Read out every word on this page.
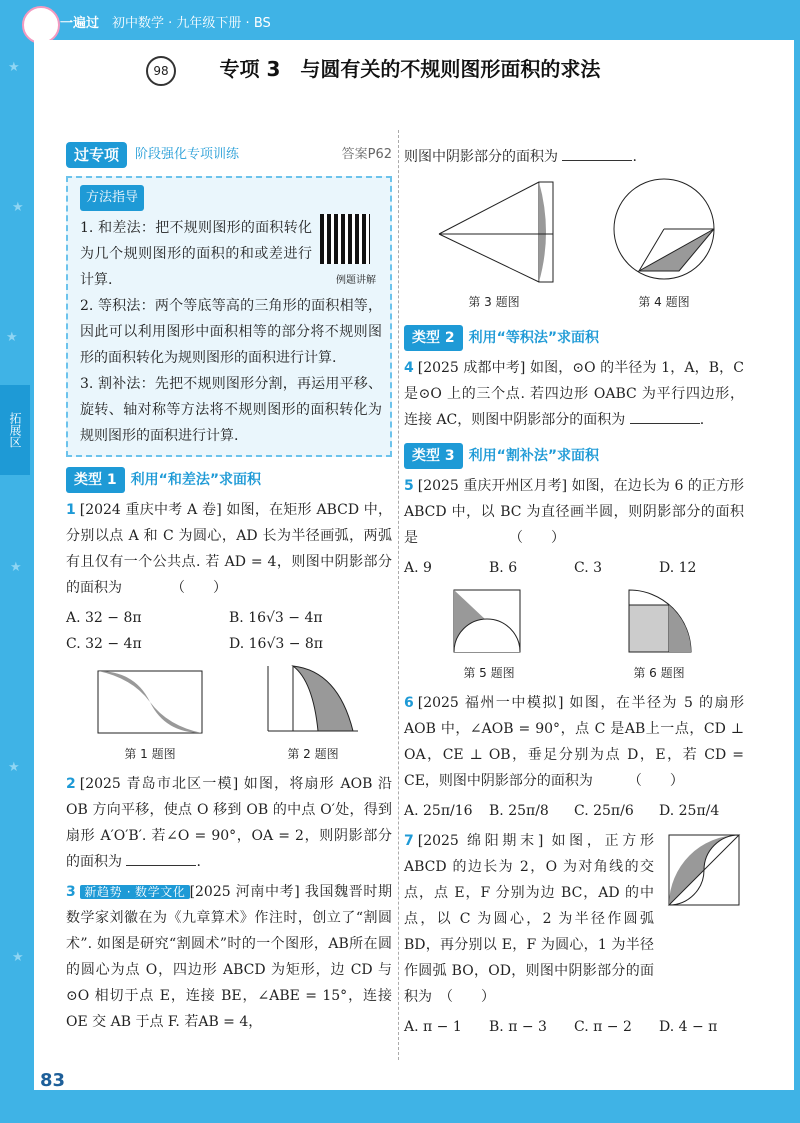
一遍过　 初中数学 · 九年级下册 · BS
★
★
★
★
★
★
拓展区
98	专项 3　与圆有关的不规则图形面积的求法
过专项	阶段强化专项训练	答案P62
方法指导
例题讲解

1. 和差法：把不规则图形的面积转化为几个规则图形的面积的和或差进行计算.

2. 等积法：两个等底等高的三角形的面积相等，因此可以利用图形中面积相等的部分将不规则图形的面积转化为规则图形的面积进行计算.

3. 割补法：先把不规则图形分割，再运用平移、旋转、轴对称等方法将不规则图形的面积转化为规则图形的面积进行计算.

类型 1	利用“和差法”求面积
1 [2024 重庆中考 A 卷] 如图，在矩形 ABCD 中，分别以点 A 和 C 为圆心，AD 长为半径画弧，两弧有且仅有一个公共点. 若 AD = 4，则图中阴影部分的面积为　　　　（　　）
A. 32 − 8π	B. 16√3 − 4π
C. 32 − 4π	D. 16√3 − 8π
第 1 题图	第 2 题图
2 [2025 青岛市北区一模] 如图，将扇形 AOB 沿 OB 方向平移，使点 O 移到 OB 的中点 O′处，得到扇形 A′O′B′. 若∠O = 90°，OA = 2，则阴影部分的面积为	.
3 新趋势 · 数学文化 [2025 河南中考] 我国魏晋时期数学家刘徽在为《九章算术》作注时，创立了“割圆术”. 如图是研究“割圆术”时的一个图形，AB所在圆的圆心为点 O，四边形 ABCD 为矩形，边 CD 与⊙O 相切于点 E，连接 BE，∠ABE = 15°，连接 OE 交 AB 于点 F. 若AB = 4，
则图中阴影部分的面积为	.
第 3 题图	第 4 题图
类型 2	利用“等积法”求面积
4 [2025 成都中考] 如图，⊙O 的半径为 1，A，B，C 是⊙O 上的三个点. 若四边形 OABC 为平行四边形，连接 AC，则图中阴影部分的面积为	.
类型 3	利用“割补法”求面积
5 [2025 重庆开州区月考] 如图，在边长为 6 的正方形 ABCD 中，以 BC 为直径画半圆，则阴影部分的面积是　　　　　　　（　　）
A. 9	B. 6	C. 3	D. 12
第 5 题图	第 6 题图
6 [2025 福州一中模拟] 如图，在半径为 5 的扇形 AOB 中，∠AOB = 90°，点 C 是AB上一点，CD ⊥ OA，CE ⊥ OB，垂足分别为点 D，E，若 CD = CE，则图中阴影部分的面积为　　　（　　）
A. 25π/16	B. 25π/8	C. 25π/6	D. 25π/4
7 [2025 绵阳期末] 如图，正方形 ABCD 的边长为 2，O 为对角线的交点，点 E，F 分别为边 BC，AD 的中点，以 C 为圆心，2 为半径作圆弧 BD，再分别以 E，F 为圆心，1 为半径作圆弧 BO，OD，则图中阴影部分的面积为　（　　）
A. π − 1	B. π − 3	C. π − 2	D. 4 − π
83
